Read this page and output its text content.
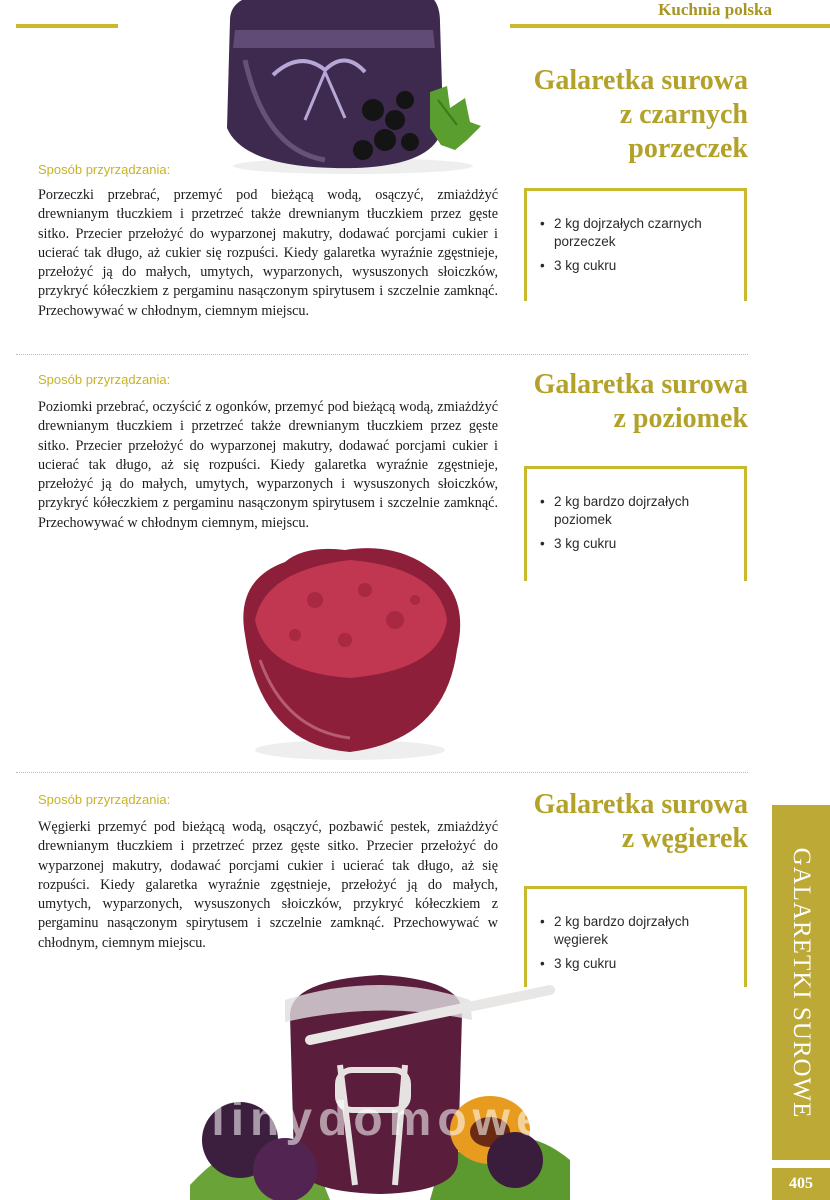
Kuchnia polska
Sposób przyrządzania:
Porzeczki przebrać, przemyć pod bieżącą wodą, osączyć, zmiażdżyć drewnianym tłuczkiem i przetrzeć także drewnianym tłuczkiem przez gęste sitko. Przecier przełożyć do wyparzonej makutry, dodawać porcjami cukier i ucierać tak długo, aż cukier się rozpuści. Kiedy galaretka wyraźnie zgęstnieje, przełożyć ją do małych, umytych, wyparzonych, wysuszonych słoiczków, przykryć kółeczkiem z pergaminu nasączonym spirytusem i szczelnie zamknąć. Przechowywać w chłodnym, ciemnym miejscu.
Galaretka surowa
z czarnych
porzeczek
• 2 kg dojrzałych czarnych porzeczek
• 3 kg cukru
Sposób przyrządzania:
Poziomki przebrać, oczyścić z ogonków, przemyć pod bieżącą wodą, zmiażdżyć drewnianym tłuczkiem i przetrzeć także drewnianym tłuczkiem przez gęste sitko. Przecier przełożyć do wyparzonej makutry, dodawać porcjami cukier i ucierać tak długo, aż się rozpuści. Kiedy galaretka wyraźnie zgęstnieje, przełożyć ją do małych, umytych, wyparzonych i wysuszonych słoiczków, przykryć kółeczkiem z pergaminu nasączonym spirytusem i szczelnie zamknąć. Przechowywać w chłodnym ciemnym, miejscu.
Galaretka surowa
z poziomek
• 2 kg bardzo dojrzałych poziomek
• 3 kg cukru
Sposób przyrządzania:
Węgierki przemyć pod bieżącą wodą, osączyć, pozbawić pestek, zmiażdżyć drewnianym tłuczkiem i przetrzeć przez gęste sitko. Przecier przełożyć do wyparzonej makutry, dodawać porcjami cukier i ucierać tak długo, aż się rozpuści. Kiedy galaretka wyraźnie zgęstnieje, przełożyć ją do małych, umytych, wyparzonych, wysuszonych słoiczków, przykryć kółeczkiem z pergaminu nasączonym spirytusem i szczelnie zamknąć. Przechowywać w chłodnym, ciemnym miejscu.
Galaretka surowa
z węgierek
• 2 kg bardzo dojrzałych węgierek
• 3 kg cukru
wedlinydomowe.pl
GALARETKI SUROWE
405
